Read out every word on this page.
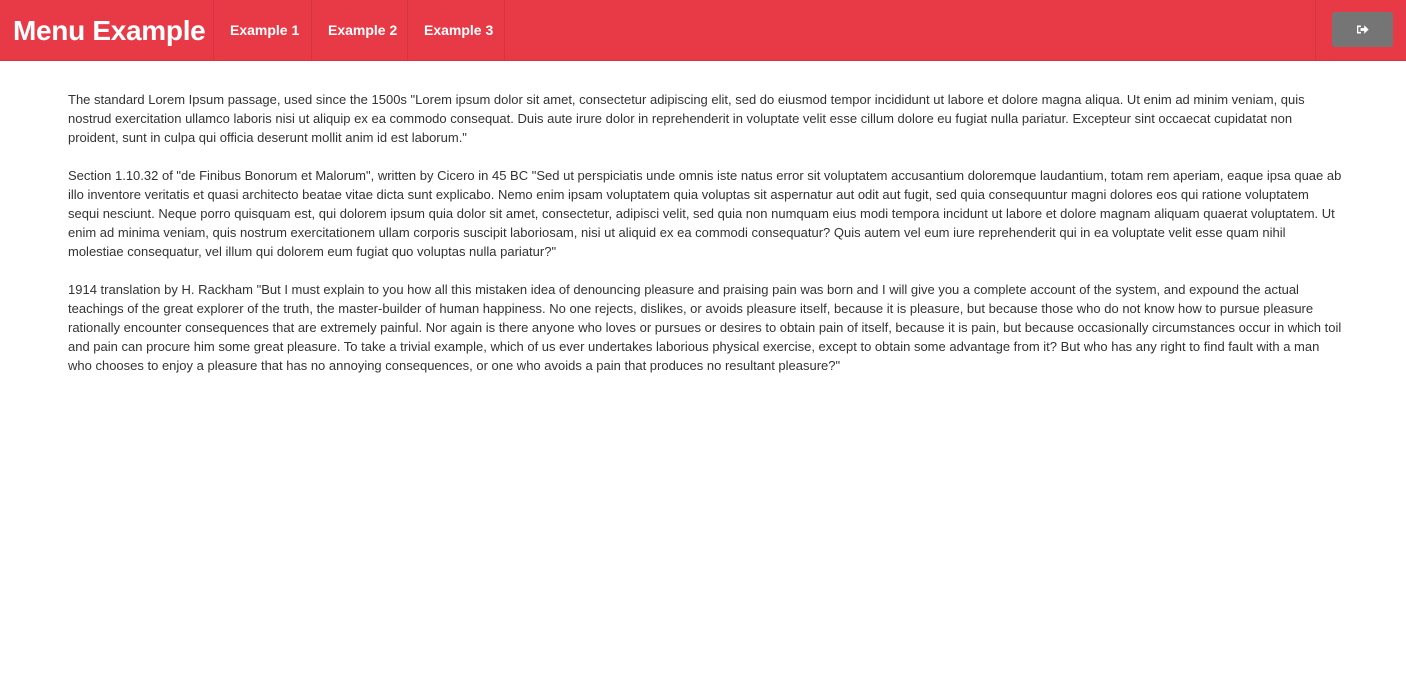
Menu Example	Example 1	Example 2	Example 3

The standard Lorem Ipsum passage, used since the 1500s "Lorem ipsum dolor sit amet, consectetur adipiscing elit, sed do eiusmod tempor incididunt ut labore et dolore magna aliqua. Ut enim ad minim veniam, quis nostrud exercitation ullamco laboris nisi ut aliquip ex ea commodo consequat. Duis aute irure dolor in reprehenderit in voluptate velit esse cillum dolore eu fugiat nulla pariatur. Excepteur sint occaecat cupidatat non proident, sunt in culpa qui officia deserunt mollit anim id est laborum."

Section 1.10.32 of "de Finibus Bonorum et Malorum", written by Cicero in 45 BC "Sed ut perspiciatis unde omnis iste natus error sit voluptatem accusantium doloremque laudantium, totam rem aperiam, eaque ipsa quae ab illo inventore veritatis et quasi architecto beatae vitae dicta sunt explicabo. Nemo enim ipsam voluptatem quia voluptas sit aspernatur aut odit aut fugit, sed quia consequuntur magni dolores eos qui ratione voluptatem sequi nesciunt. Neque porro quisquam est, qui dolorem ipsum quia dolor sit amet, consectetur, adipisci velit, sed quia non numquam eius modi tempora incidunt ut labore et dolore magnam aliquam quaerat voluptatem. Ut enim ad minima veniam, quis nostrum exercitationem ullam corporis suscipit laboriosam, nisi ut aliquid ex ea commodi consequatur? Quis autem vel eum iure reprehenderit qui in ea voluptate velit esse quam nihil molestiae consequatur, vel illum qui dolorem eum fugiat quo voluptas nulla pariatur?"

1914 translation by H. Rackham "But I must explain to you how all this mistaken idea of denouncing pleasure and praising pain was born and I will give you a complete account of the system, and expound the actual teachings of the great explorer of the truth, the master-builder of human happiness. No one rejects, dislikes, or avoids pleasure itself, because it is pleasure, but because those who do not know how to pursue pleasure rationally encounter consequences that are extremely painful. Nor again is there anyone who loves or pursues or desires to obtain pain of itself, because it is pain, but because occasionally circumstances occur in which toil and pain can procure him some great pleasure. To take a trivial example, which of us ever undertakes laborious physical exercise, except to obtain some advantage from it? But who has any right to find fault with a man who chooses to enjoy a pleasure that has no annoying consequences, or one who avoids a pain that produces no resultant pleasure?"
